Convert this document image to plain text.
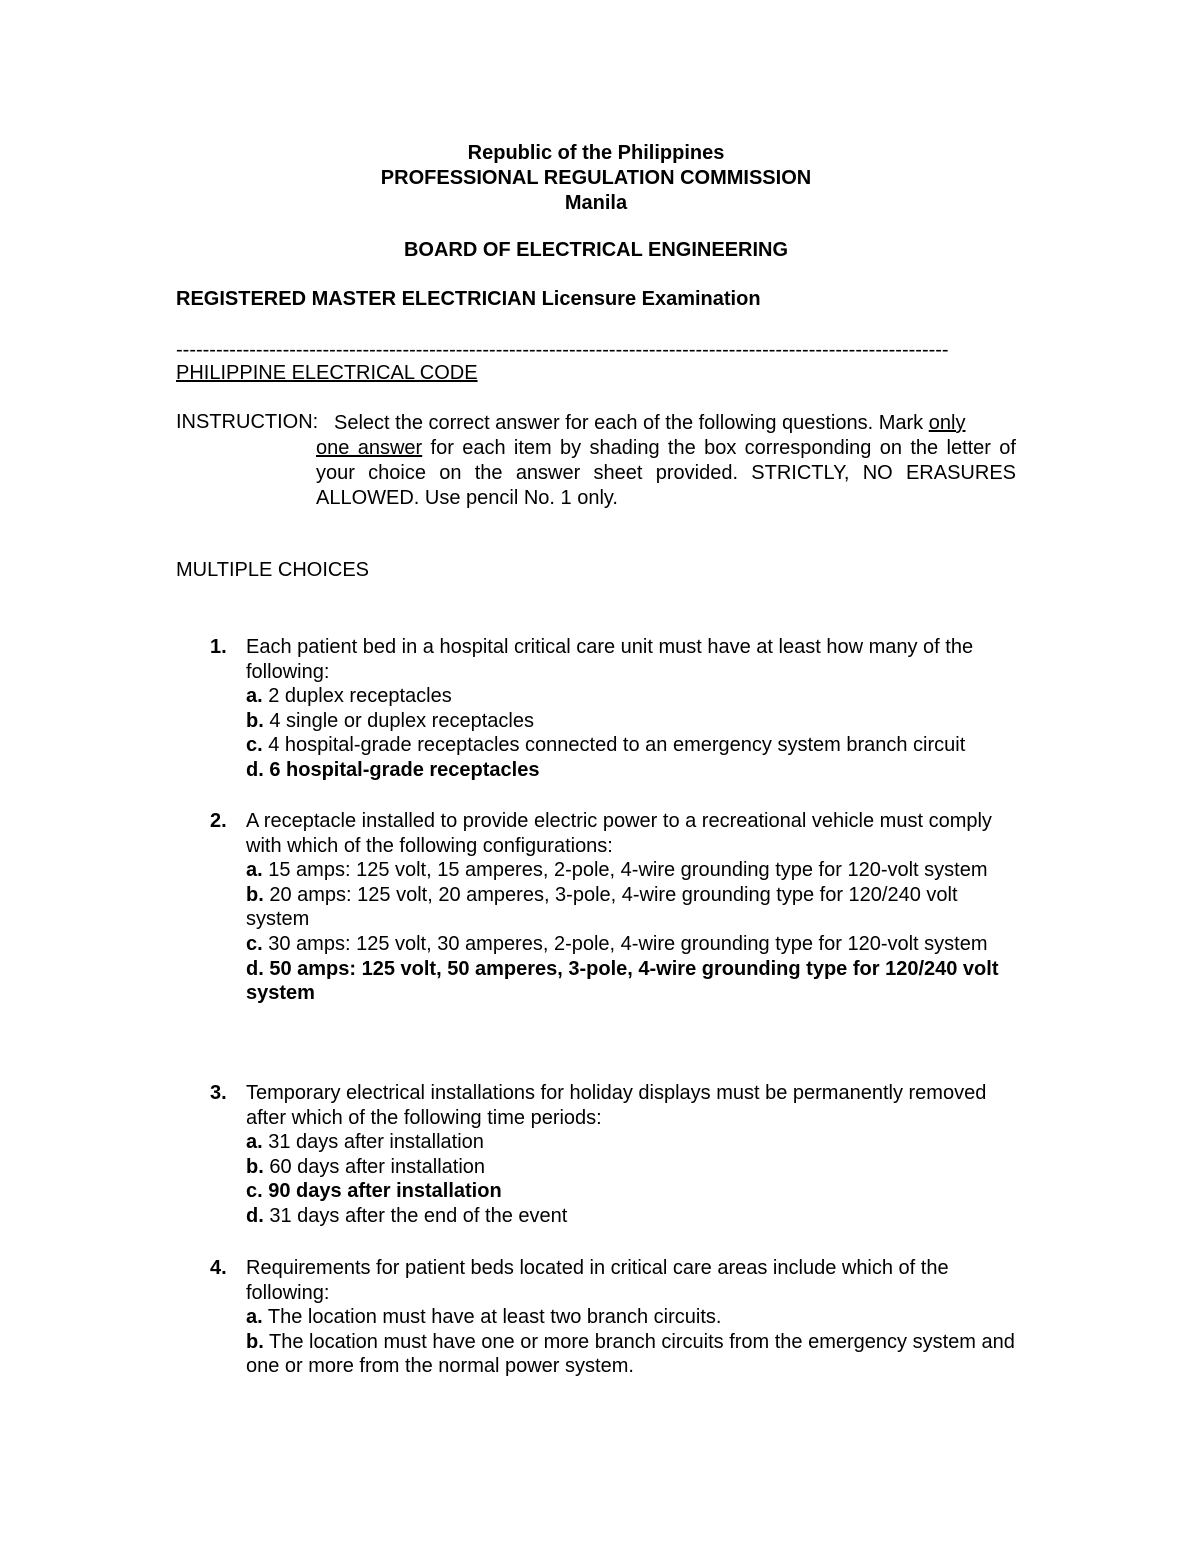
Republic of the Philippines
PROFESSIONAL REGULATION COMMISSION
Manila
BOARD OF ELECTRICAL ENGINEERING
REGISTERED MASTER ELECTRICIAN Licensure Examination
--------------------------------------------------------------------------------------------------------------------
PHILIPPINE ELECTRICAL CODE
INSTRUCTION: Select the correct answer for each of the following questions. Mark only
one answer for each item by shading the box corresponding on the letter of your choice on the answer sheet provided. STRICTLY, NO ERASURES ALLOWED. Use pencil No. 1 only.
MULTIPLE CHOICES
1. Each patient bed in a hospital critical care unit must have at least how many of the following:
a. 2 duplex receptacles
b. 4 single or duplex receptacles
c. 4 hospital-grade receptacles connected to an emergency system branch circuit
d. 6 hospital-grade receptacles
2. A receptacle installed to provide electric power to a recreational vehicle must comply with which of the following configurations:
a. 15 amps: 125 volt, 15 amperes, 2-pole, 4-wire grounding type for 120-volt system
b. 20 amps: 125 volt, 20 amperes, 3-pole, 4-wire grounding type for 120/240 volt system
c. 30 amps: 125 volt, 30 amperes, 2-pole, 4-wire grounding type for 120-volt system
d. 50 amps: 125 volt, 50 amperes, 3-pole, 4-wire grounding type for 120/240 volt system
3. Temporary electrical installations for holiday displays must be permanently removed after which of the following time periods:
a. 31 days after installation
b. 60 days after installation
c. 90 days after installation
d. 31 days after the end of the event
4. Requirements for patient beds located in critical care areas include which of the following:
a. The location must have at least two branch circuits.
b. The location must have one or more branch circuits from the emergency system and one or more from the normal power system.
